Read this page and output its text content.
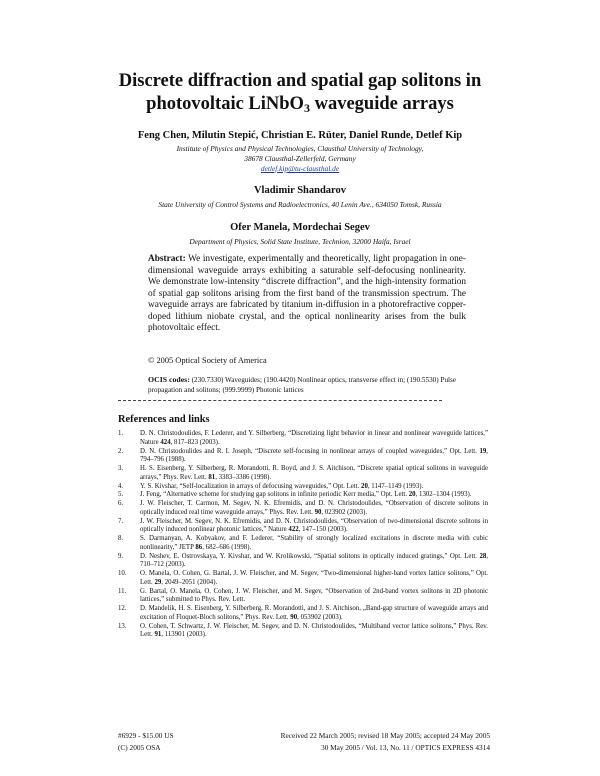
Discrete diffraction and spatial gap solitons in
photovoltaic LiNbO$_3$ waveguide arrays
Feng Chen, Milutin Stepić, Christian E. Rüter, Daniel Runde, Detlef Kip
Institute of Physics and Physical Technologies, Clausthal University of Technology,
38678 Clausthal-Zellerfeld, Germany
detlef.kip@tu-clausthal.de
Vladimir Shandarov
State University of Control Systems and Radioelectronics, 40 Lenin Ave., 634050 Tomsk, Russia
Ofer Manela, Mordechai Segev
Department of Physics, Solid State Institute, Technion, 32000 Haifa, Israel
Abstract: We investigate, experimentally and theoretically, light propagation in one-dimensional waveguide arrays exhibiting a saturable self-defocusing nonlinearity. We demonstrate low-intensity “discrete diffraction”, and the high-intensity formation of spatial gap solitons arising from the first band of the transmission spectrum. The waveguide arrays are fabricated by titanium in-diffusion in a photorefractive copper-doped lithium niobate crystal, and the optical nonlinearity arises from the bulk photovoltaic effect.
© 2005 Optical Society of America
OCIS codes: (230.7330) Waveguides; (190.4420) Nonlinear optics, transverse effect in; (190.5530) Pulse propagation and solitons; (999.9999) Photonic lattices
References and links
1. D. N. Christodoulides, F. Lederer, and Y. Silberberg, “Discretizing light behavior in linear and nonlinear waveguide lattices,” Nature 424, 817–823 (2003).
2. D. N. Christodoulides and R. I. Joseph, “Discrete self-focusing in nonlinear arrays of coupled waveguides,” Opt. Lett. 19, 794–796 (1988).
3. H. S. Eisenberg, Y. Silberberg, R. Morandotti, R. Boyd, and J. S. Aitchison, “Discrete spatial optical solitons in waveguide arrays,” Phys. Rev. Lett. 81, 3383–3386 (1998).
4. Y. S. Kivshar, “Self-localization in arrays of defocusing waveguides,” Opt. Lett. 20, 1147–1149 (1993).
5. J. Feng, “Alternative scheme for studying gap solitons in infinite periodic Kerr media,” Opt. Lett. 20, 1302–1304 (1993).
6. J. W. Fleischer, T. Carmon, M. Segev, N. K. Efremidis, and D. N. Christodoulides, “Observation of discrete solitons in optically induced real time waveguide arrays,” Phys. Rev. Lett. 90, 023902 (2003).
7. J. W. Fleischer, M. Segev, N. K. Efremidis, and D. N. Christodoulides, “Observation of two-dimensional discrete solitons in optically induced nonlinear photonic lattices,” Nature 422, 147–150 (2003).
8. S. Darmanyan, A. Kobyakov, and F. Lederer, “Stability of strongly localized excitations in discrete media with cubic nonlinearity,” JETP 86, 682–686 (1998).
9. D. Neshev, E. Ostrovskaya, Y. Kivshar, and W. Krolikowski, “Spatial solitons in optically induced gratings,” Opt. Lett. 28, 710–712 (2003).
10. O. Manela, O. Cohen, G. Bartal, J. W. Fleischer, and M. Segev, “Two-dimensional higher-band vortex lattice solitons,” Opt. Lett. 29, 2049–2051 (2004).
11. G. Bartal, O. Manela, O. Cohen, J. W. Fleischer, and M. Segev, “Observation of 2nd-band vortex solitons in 2D photonic lattices,” submitted to Phys. Rev. Lett.
12. D. Mandelik, H. S. Eisenberg, Y. Silberberg, R. Morandotti, and J. S. Aitchison, „Band-gap structure of waveguide arrays and excitation of Floquet-Bloch solitons,” Phys. Rev. Lett. 90, 053902 (2003).
13. O. Cohen, T. Schwartz, J. W. Fleischer, M. Segev, and D. N. Christodoulides, “Multiband vector lattice solitons,” Phys. Rev. Lett. 91, 113901 (2003).
#6929 - $15.00 US	Received 22 March 2005; revised 18 May 2005; accepted 24 May 2005
(C) 2005 OSA	30 May 2005 / Vol. 13, No. 11 / OPTICS EXPRESS 4314
